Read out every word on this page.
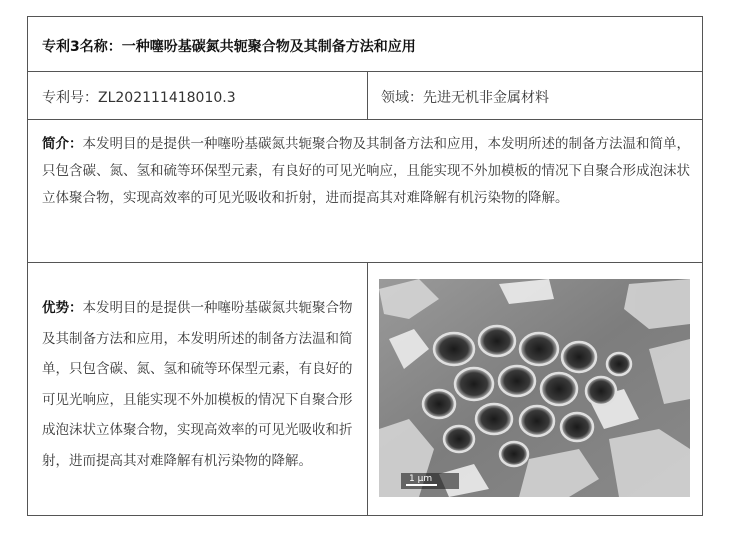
专利3名称：一种噻吩基碳氮共轭聚合物及其制备方法和应用
专利号：ZL202111418010.3	领域：先进无机非金属材料
简介：本发明目的是提供一种噻吩基碳氮共轭聚合物及其制备方法和应用，本发明所述的制备方法温和简单，只包含碳、氮、氢和硫等环保型元素，有良好的可见光响应，且能实现不外加模板的情况下自聚合形成泡沫状立体聚合物，实现高效率的可见光吸收和折射，进而提高其对难降解有机污染物的降解。
优势：本发明目的是提供一种噻吩基碳氮共轭聚合物及其制备方法和应用，本发明所述的制备方法温和简单，只包含碳、氮、氢和硫等环保型元素，有良好的可见光响应，且能实现不外加模板的情况下自聚合形成泡沫状立体聚合物，实现高效率的可见光吸收和折射，进而提高其对难降解有机污染物的降解。
1 μm
